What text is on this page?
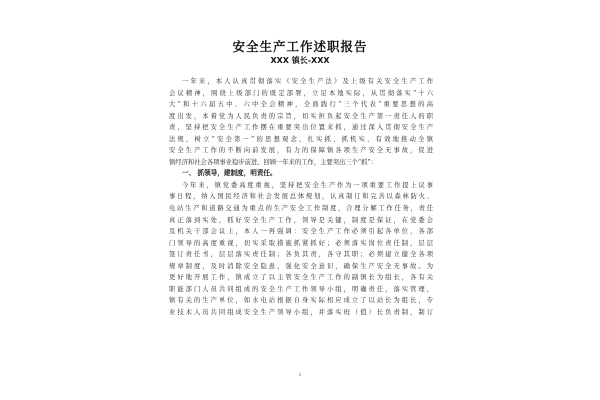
安全生产工作述职报告
XXX 镇长-XXX
一年来，本人认真贯彻落实《安全生产法》及上级有关安全生产工作
会议精神，围绕上级部门的既定部署，立足本地实际，从贯彻落实“十六
大”和十六届五中、六中全会精神，全面践行“三个代表”重要思想的高
度出发，本着党为人民负责的宗旨，切实担负起安全生产第一责任人的职
责，坚持把安全生产工作摆在重要突出位置来抓，通过深入贯彻安全生产
法规，树立“安全第一”的思想观念，扎实抓、抓机实，有效地推动全镇
安全生产工作的不断向前发展，有力的保障镇各项生产安全无事故，促进
镇经济和社会各项事业稳步前进。回顾一年来的工作，主要突出三个“抓”：
一、 抓领导，建制度，明责任。
今年来，镇党委高度重视，坚持把安全生产作为一项重要工作提上议事
事日程，纳入国民经济和社会发展总体规划，认真制订和完善以森林防火、
电站生产和道路交通为重点的生产安全工作制度，合理分解工作任务，责任
真正落到实处，抓好安全生产工作，领导是关键，制度是保证，在党委会
及机关干部会议上，本人一再强调：安全生产工作必须引起各单位，各部
门领导的高度重视，切实采取措施抓紧抓好；必须落实岗位责任制，层层
签订责任书，层层落实责任制；各负其责，各守其职；必须建立健全各项
规章制度，及时消除安全隐患，强化安全意识，确保生产安全无事故。为
更好地开展工作，镇成立了以主管安全生产工作的副镇长为组长，各有关
职能部门人员共同组成的安全生产工作领导小组，明确责任，落实管理，
镇有关的生产单位，如水电站根据自身实际相应成立了以站长为组长，专
业技术人员共同组成安全生产领导小组，并落实班（值）长负责制，制订
1
